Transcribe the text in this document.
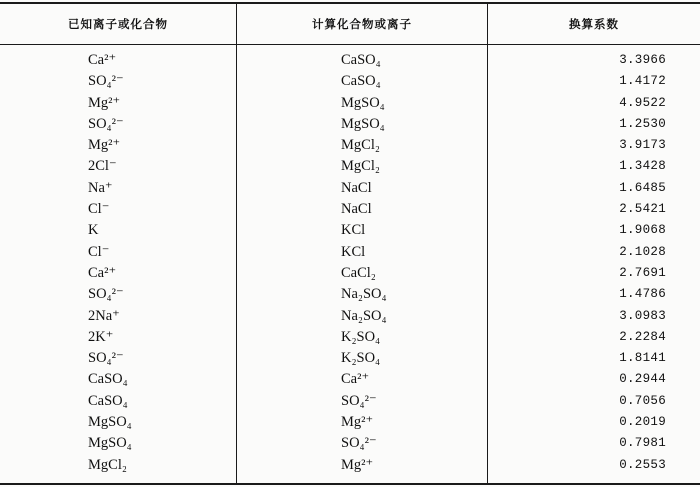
已知离子或化合物	计算化合物或离子	换算系数
Ca²⁺	CaSO₄	3.3966
SO₄²⁻	CaSO₄	1.4172
Mg²⁺	MgSO₄	4.9522
SO₄²⁻	MgSO₄	1.2530
Mg²⁺	MgCl₂	3.9173
2Cl⁻	MgCl₂	1.3428
Na⁺	NaCl	1.6485
Cl⁻	NaCl	2.5421
K	KCl	1.9068
Cl⁻	KCl	2.1028
Ca²⁺	CaCl₂	2.7691
SO₄²⁻	Na₂SO₄	1.4786
2Na⁺	Na₂SO₄	3.0983
2K⁺	K₂SO₄	2.2284
SO₄²⁻	K₂SO₄	1.8141
CaSO₄	Ca²⁺	0.2944
CaSO₄	SO₄²⁻	0.7056
MgSO₄	Mg²⁺	0.2019
MgSO₄	SO₄²⁻	0.7981
MgCl₂	Mg²⁺	0.2553
